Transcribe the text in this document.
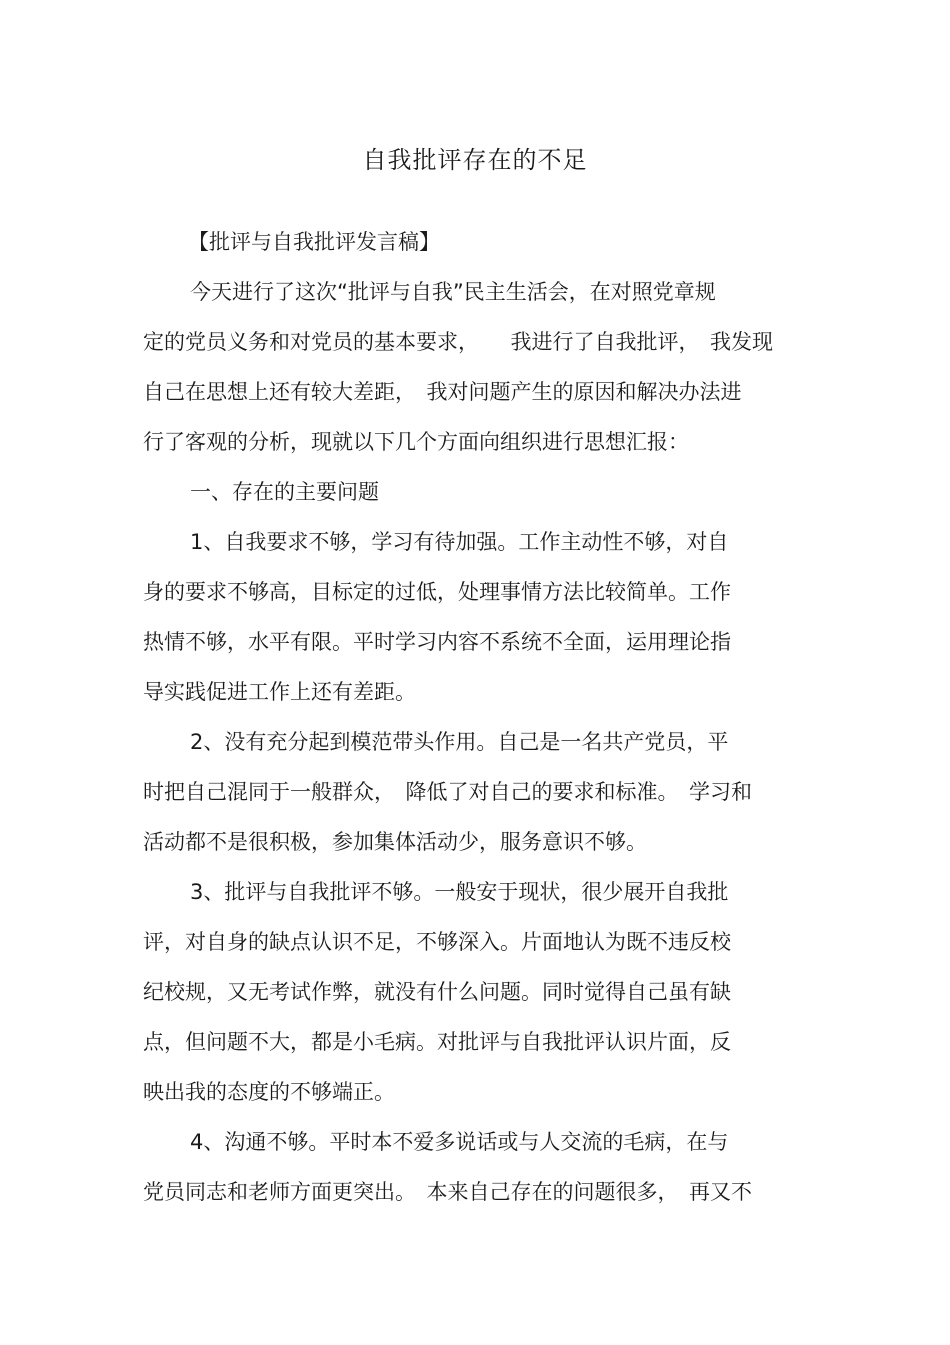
自我批评存在的不足
【批评与自我批评发言稿】
今天进行了这次“批评与自我”民主生活会，在对照党章规
定的党员义务和对党员的基本要求，　　我进行了自我批评，　我发现
自己在思想上还有较大差距，　我对问题产生的原因和解决办法进
行了客观的分析，现就以下几个方面向组织进行思想汇报：
一、存在的主要问题
1、自我要求不够，学习有待加强。工作主动性不够，对自
身的要求不够高，目标定的过低，处理事情方法比较简单。工作
热情不够，水平有限。平时学习内容不系统不全面，运用理论指
导实践促进工作上还有差距。
2、没有充分起到模范带头作用。自己是一名共产党员，平
时把自己混同于一般群众，　降低了对自己的要求和标准。　学习和
活动都不是很积极，参加集体活动少，服务意识不够。
3、批评与自我批评不够。一般安于现状，很少展开自我批
评，对自身的缺点认识不足，不够深入。片面地认为既不违反校
纪校规，又无考试作弊，就没有什么问题。同时觉得自己虽有缺
点，但问题不大，都是小毛病。对批评与自我批评认识片面，反
映出我的态度的不够端正。
4、沟通不够。平时本不爱多说话或与人交流的毛病，在与
党员同志和老师方面更突出。　本来自己存在的问题很多，　再又不
